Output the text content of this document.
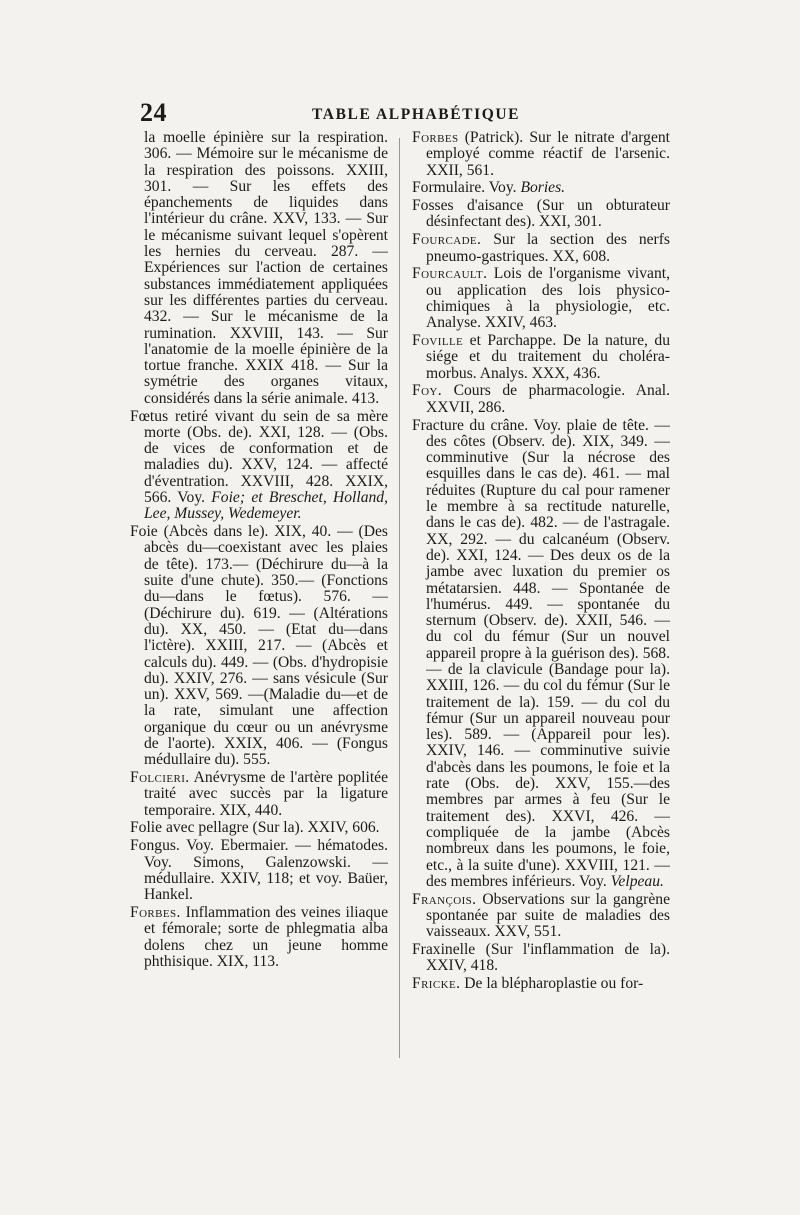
24	TABLE ALPHABÉTIQUE

la moelle épinière sur la respiration. 306. — Mémoire sur le mécanisme de la respiration des poissons. XXIII, 301. — Sur les effets des épanchements de liquides dans l'intérieur du crâne. XXV, 133. — Sur le mécanisme suivant lequel s'opèrent les hernies du cerveau. 287. — Expériences sur l'action de certaines substances immédiatement appliquées sur les différentes parties du cerveau. 432. — Sur le mécanisme de la rumination. XXVIII, 143. — Sur l'anatomie de la moelle épinière de la tortue franche. XXIX 418. — Sur la symétrie des organes vitaux, considérés dans la série animale. 413.

Fœtus retiré vivant du sein de sa mère morte (Obs. de). XXI, 128. — (Obs. de vices de conformation et de maladies du). XXV, 124. — affecté d'éventration. XXVIII, 428. XXIX, 566. Voy. Foie; et Breschet, Holland, Lee, Mussey, Wedemeyer.

Foie (Abcès dans le). XIX, 40. — (Des abcès du—coexistant avec les plaies de tête). 173.— (Déchirure du—à la suite d'une chute). 350.— (Fonctions du—dans le fœtus). 576. — (Déchirure du). 619. — (Altérations du). XX, 450. — (Etat du—dans l'ictère). XXIII, 217. — (Abcès et calculs du). 449. — (Obs. d'hydropisie du). XXIV, 276. — sans vésicule (Sur un). XXV, 569. —(Maladie du—et de la rate, simulant une affection organique du cœur ou un anévrysme de l'aorte). XXIX, 406. — (Fongus médullaire du). 555.

Folcieri. Anévrysme de l'artère poplitée traité avec succès par la ligature temporaire. XIX, 440.

Folie avec pellagre (Sur la). XXIV, 606.

Fongus. Voy. Ebermaier. — hématodes. Voy. Simons, Galenzowski. — médullaire. XXIV, 118; et voy. Baüer, Hankel.

Forbes. Inflammation des veines iliaque et fémorale; sorte de phlegmatia alba dolens chez un jeune homme phthisique. XIX, 113.

Forbes (Patrick). Sur le nitrate d'argent employé comme réactif de l'arsenic. XXII, 561.

Formulaire. Voy. Bories.

Fosses d'aisance (Sur un obturateur désinfectant des). XXI, 301.

Fourcade. Sur la section des nerfs pneumo-gastriques. XX, 608.

Fourcault. Lois de l'organisme vivant, ou application des lois physico-chimiques à la physiologie, etc. Analyse. XXIV, 463.

Foville et Parchappe. De la nature, du siége et du traitement du choléra-morbus. Analys. XXX, 436.

Foy. Cours de pharmacologie. Anal. XXVII, 286.

Fracture du crâne. Voy. plaie de tête. — des côtes (Observ. de). XIX, 349. — comminutive (Sur la nécrose des esquilles dans le cas de). 461. — mal réduites (Rupture du cal pour ramener le membre à sa rectitude naturelle, dans le cas de). 482. — de l'astragale. XX, 292. — du calcanéum (Observ. de). XXI, 124. — Des deux os de la jambe avec luxation du premier os métatarsien. 448. — Spontanée de l'humérus. 449. — spontanée du sternum (Observ. de). XXII, 546. — du col du fémur (Sur un nouvel appareil propre à la guérison des). 568. — de la clavicule (Bandage pour la). XXIII, 126. — du col du fémur (Sur le traitement de la). 159. — du col du fémur (Sur un appareil nouveau pour les). 589. — (Appareil pour les). XXIV, 146. — comminutive suivie d'abcès dans les poumons, le foie et la rate (Obs. de). XXV, 155.—des membres par armes à feu (Sur le traitement des). XXVI, 426. — compliquée de la jambe (Abcès nombreux dans les poumons, le foie, etc., à la suite d'une). XXVIII, 121. — des membres inférieurs. Voy. Velpeau.

François. Observations sur la gangrène spontanée par suite de maladies des vaisseaux. XXV, 551.

Fraxinelle (Sur l'inflammation de la). XXIV, 418.

Fricke. De la blépharoplastie ou for-
